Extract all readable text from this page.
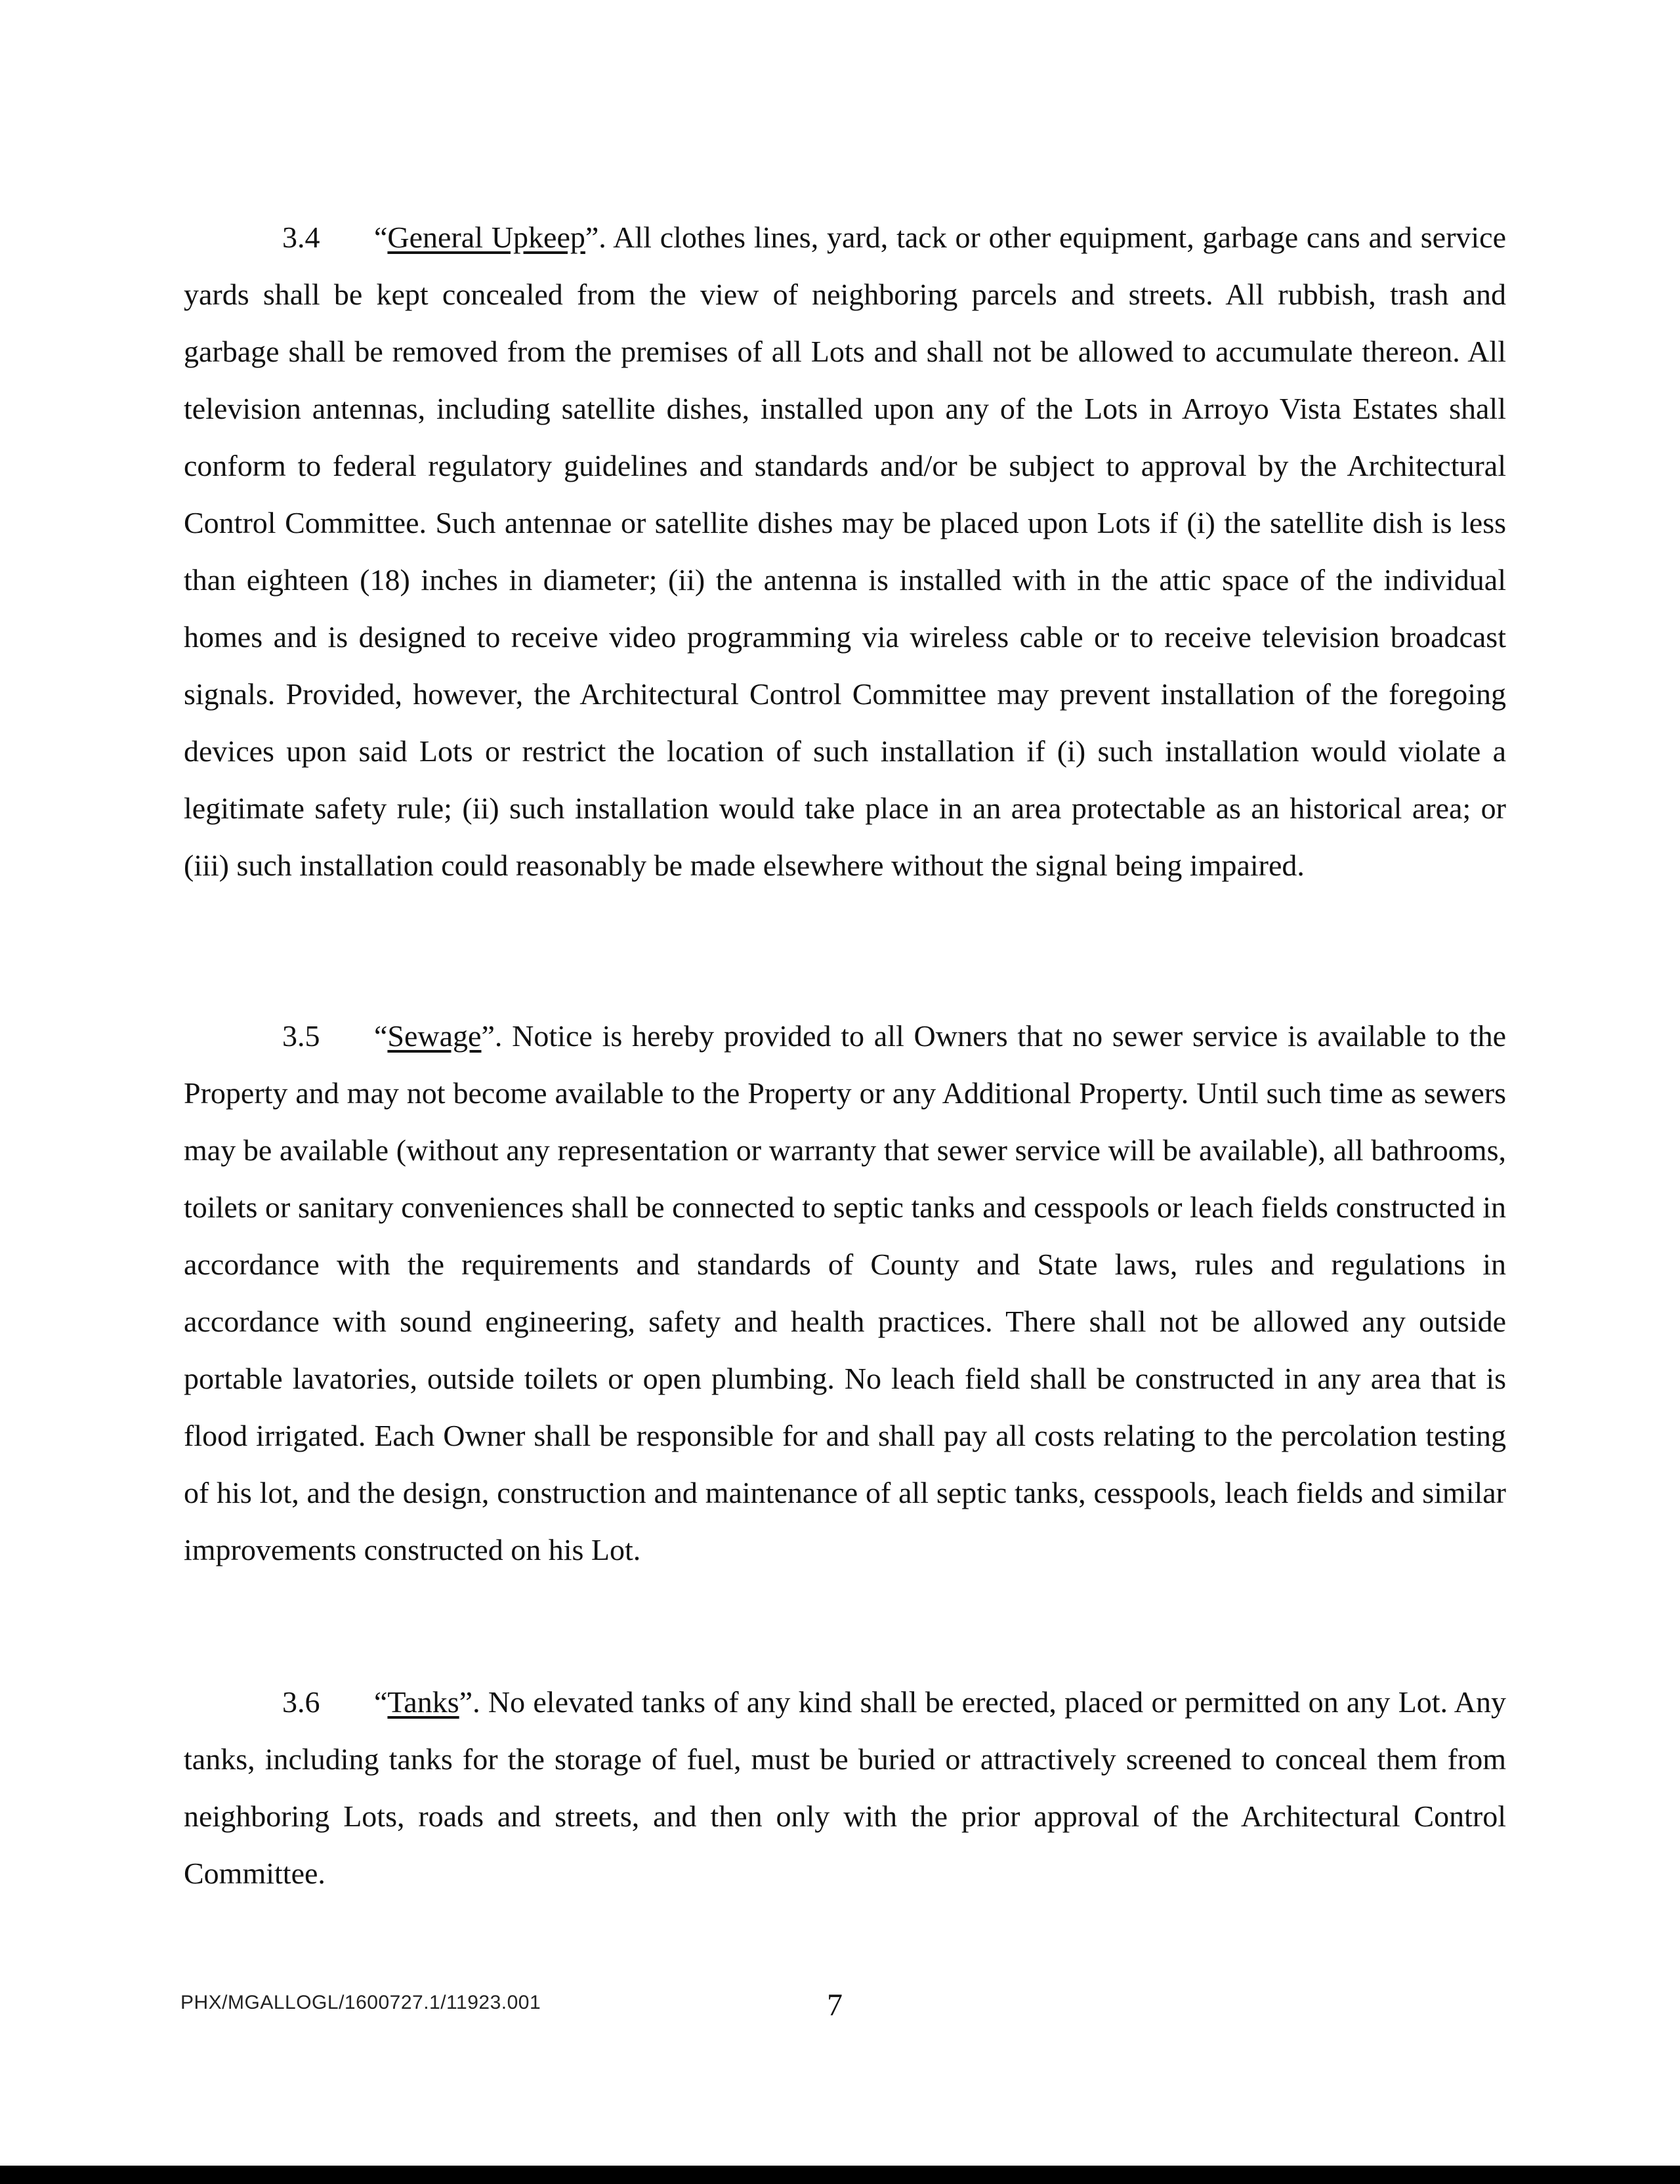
3.4 “General Upkeep”. All clothes lines, yard, tack or other equipment, garbage cans and service yards shall be kept concealed from the view of neighboring parcels and streets. All rubbish, trash and garbage shall be removed from the premises of all Lots and shall not be allowed to accumulate thereon. All television antennas, including satellite dishes, installed upon any of the Lots in Arroyo Vista Estates shall conform to federal regulatory guidelines and standards and/or be subject to approval by the Architectural Control Committee. Such antennae or satellite dishes may be placed upon Lots if (i) the satellite dish is less than eighteen (18) inches in diameter; (ii) the antenna is installed with in the attic space of the individual homes and is designed to receive video programming via wireless cable or to receive television broadcast signals. Provided, however, the Architectural Control Committee may prevent installation of the foregoing devices upon said Lots or restrict the location of such installation if (i) such installation would violate a legitimate safety rule; (ii) such installation would take place in an area protectable as an historical area; or (iii) such installation could reasonably be made elsewhere without the signal being impaired.

3.5 “Sewage”. Notice is hereby provided to all Owners that no sewer service is available to the Property and may not become available to the Property or any Additional Property. Until such time as sewers may be available (without any representation or warranty that sewer service will be available), all bathrooms, toilets or sanitary conveniences shall be connected to septic tanks and cesspools or leach fields constructed in accordance with the requirements and standards of County and State laws, rules and regulations in accordance with sound engineering, safety and health practices. There shall not be allowed any outside portable lavatories, outside toilets or open plumbing. No leach field shall be constructed in any area that is flood irrigated. Each Owner shall be responsible for and shall pay all costs relating to the percolation testing of his lot, and the design, construction and maintenance of all septic tanks, cesspools, leach fields and similar improvements constructed on his Lot.

3.6 “Tanks”. No elevated tanks of any kind shall be erected, placed or permitted on any Lot. Any tanks, including tanks for the storage of fuel, must be buried or attractively screened to conceal them from neighboring Lots, roads and streets, and then only with the prior approval of the Architectural Control Committee.

PHX/MGALLOGL/1600727.1/11923.001	7
